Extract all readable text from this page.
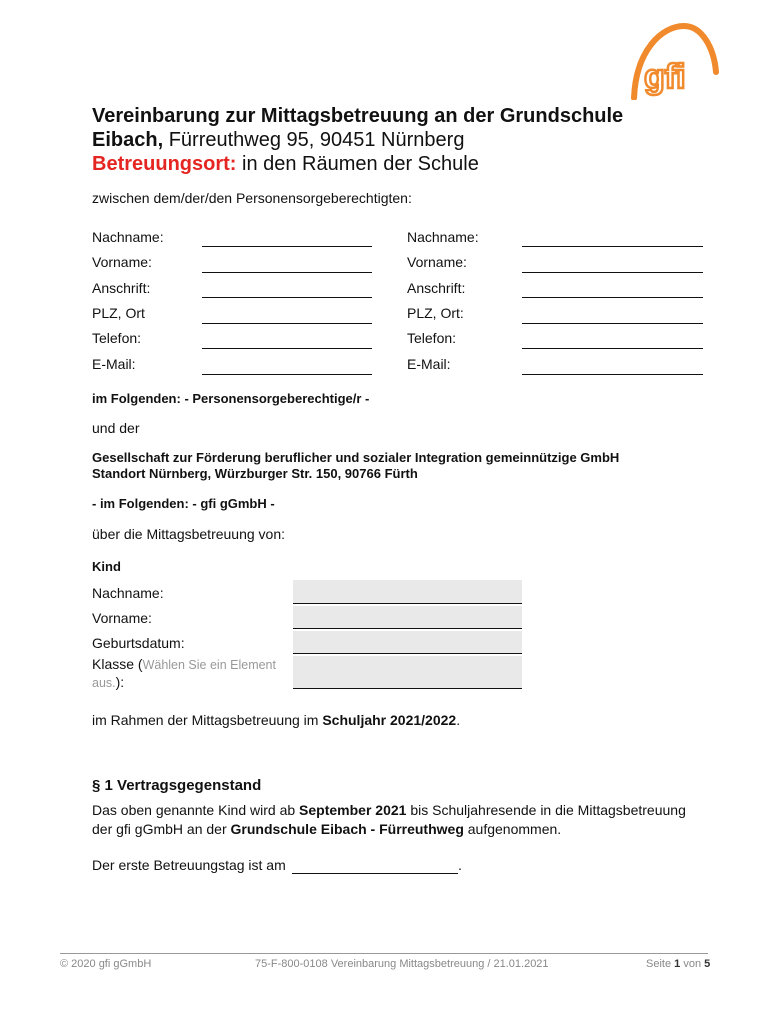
gfi
Vereinbarung zur Mittagsbetreuung an der Grundschule
Eibach, Fürreuthweg 95, 90451 Nürnberg
Betreuungsort: in den Räumen der Schule
zwischen dem/der/den Personensorgeberechtigten:
Nachname:
Vorname:
Anschrift:
PLZ, Ort
Telefon:
E-Mail:
Nachname:
Vorname:
Anschrift:
PLZ, Ort:
Telefon:
E-Mail:
im Folgenden: - Personensorgeberechtige/r -
und der
Gesellschaft zur Förderung beruflicher und sozialer Integration gemeinnützige GmbH
Standort Nürnberg, Würzburger Str. 150, 90766 Fürth
- im Folgenden: - gfi gGmbH -
über die Mittagsbetreuung von:
Kind
Nachname:
Vorname:
Geburtsdatum:
Klasse (Wählen Sie ein Element
aus.):
im Rahmen der Mittagsbetreuung im Schuljahr 2021/2022.
§ 1 Vertragsgegenstand
Das oben genannte Kind wird ab September 2021 bis Schuljahresende in die Mittagsbetreuung
der gfi gGmbH an der Grundschule Eibach - Fürreuthweg aufgenommen.
Der erste Betreuungstag ist am	.
© 2020 gfi gGmbH	75-F-800-0108 Vereinbarung Mittagsbetreuung / 21.01.2021	Seite 1 von 5
